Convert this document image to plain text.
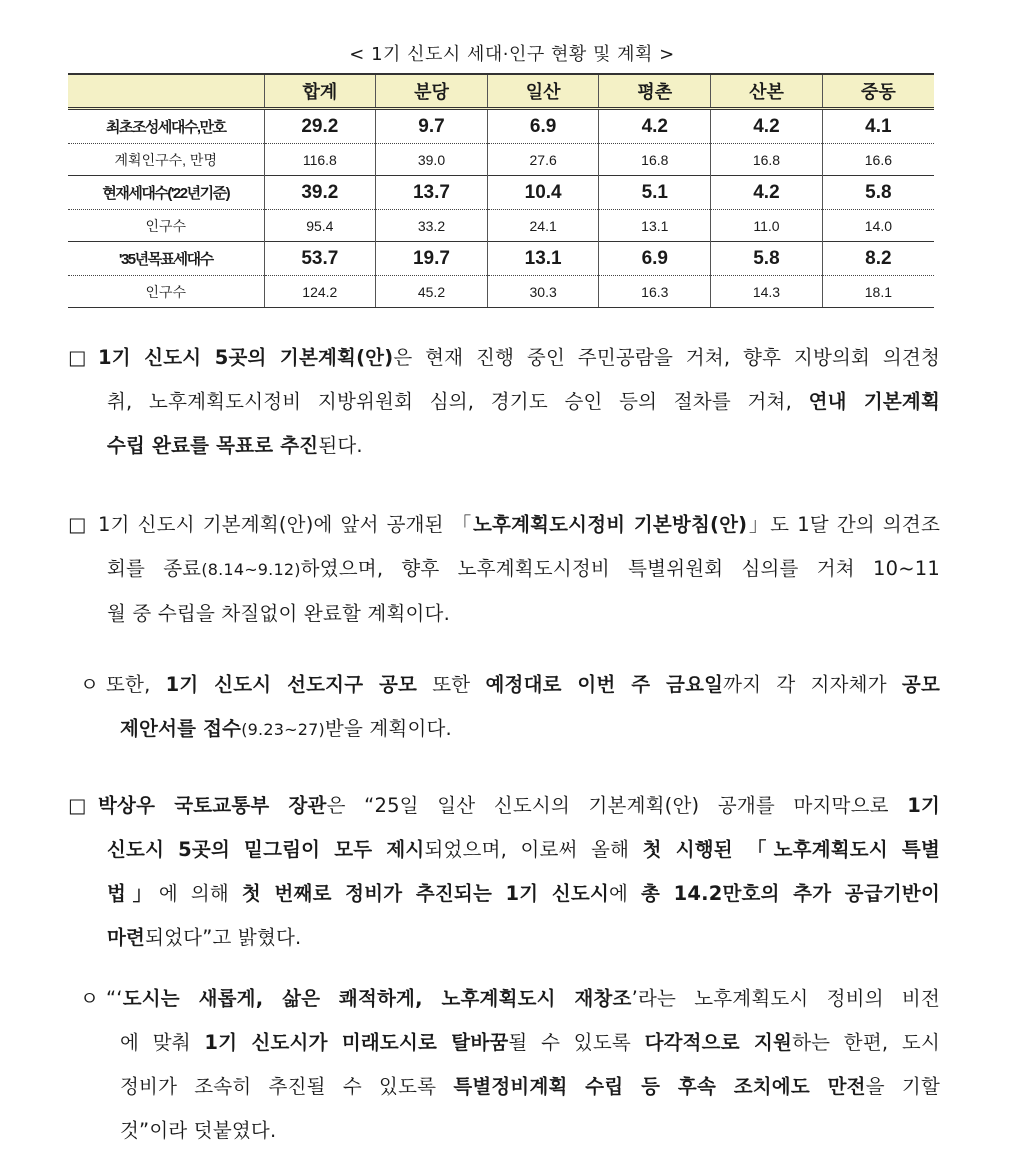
< 1기 신도시 세대·인구 현황 및 계획 >
	합계	분당	일산	평촌	산본	중동
최초조성세대수,만호	29.2	9.7	6.9	4.2	4.2	4.1
계획인구수, 만명	116.8	39.0	27.6	16.8	16.8	16.6
현재세대수('22년기준)	39.2	13.7	10.4	5.1	4.2	5.8
인구수	95.4	33.2	24.1	13.1	11.0	14.0
'35년목표세대수	53.7	19.7	13.1	6.9	5.8	8.2
인구수	124.2	45.2	30.3	16.3	14.3	18.1
□ 1기 신도시 5곳의 기본계획(안)은 현재 진행 중인 주민공람을 거쳐, 향후 지방의회 의견청
취, 노후계획도시정비 지방위원회 심의, 경기도 승인 등의 절차를 거쳐, 연내 기본계획
수립 완료를 목표로 추진된다.
□ 1기 신도시 기본계획(안)에 앞서 공개된 「노후계획도시정비 기본방침(안)」도 1달 간의 의견조
회를 종료(8.14~9.12)하였으며, 향후 노후계획도시정비 특별위원회 심의를 거쳐 10~11
월 중 수립을 차질없이 완료할 계획이다.
ㅇ 또한, 1기 신도시 선도지구 공모 또한 예정대로 이번 주 금요일까지 각 지자체가 공모
제안서를 접수(9.23~27)받을 계획이다.
□ 박상우 국토교통부 장관은 “25일 일산 신도시의 기본계획(안) 공개를 마지막으로 1기
신도시 5곳의 밑그림이 모두 제시되었으며, 이로써 올해 첫 시행된 「노후계획도시 특별
법」에 의해 첫 번째로 정비가 추진되는 1기 신도시에 총 14.2만호의 추가 공급기반이
마련되었다”고 밝혔다.
ㅇ “‘도시는 새롭게, 삶은 쾌적하게, 노후계획도시 재창조’라는 노후계획도시 정비의 비전
에 맞춰 1기 신도시가 미래도시로 탈바꿈될 수 있도록 다각적으로 지원하는 한편, 도시
정비가 조속히 추진될 수 있도록 특별정비계획 수립 등 후속 조치에도 만전을 기할
것”이라 덧붙였다.
